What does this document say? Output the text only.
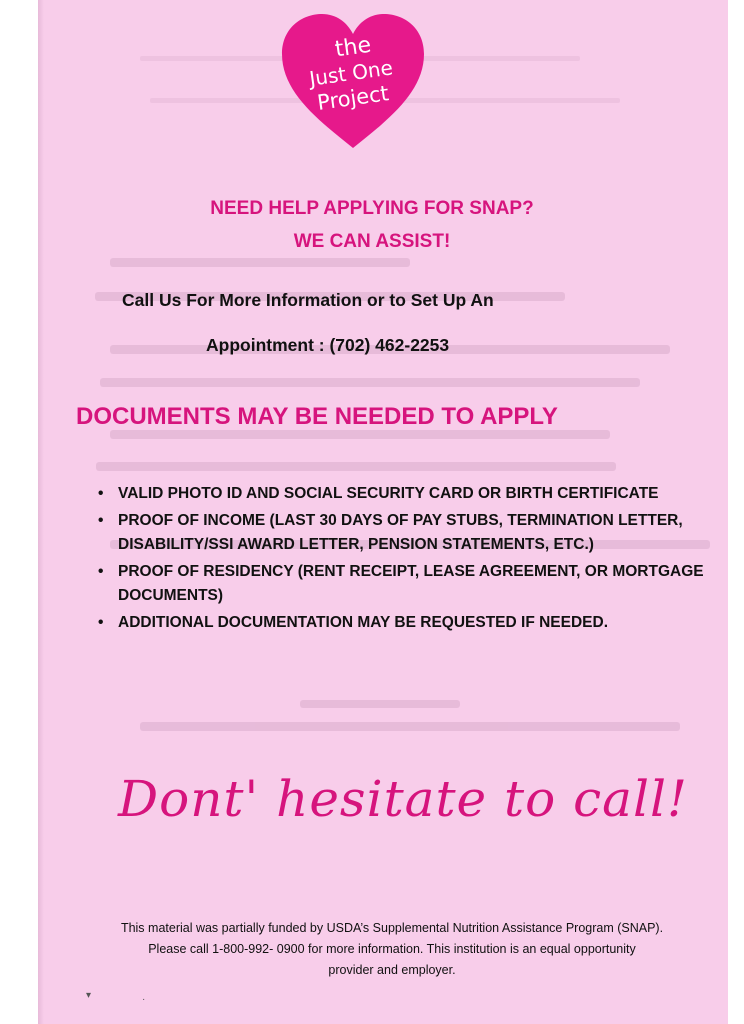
the
Just One
Project
NEED HELP APPLYING FOR SNAP?
WE CAN ASSIST!
Call Us For More Information or to Set Up An
Appointment : (702) 462-2253
DOCUMENTS MAY BE NEEDED TO APPLY
• VALID PHOTO ID AND SOCIAL SECURITY CARD OR BIRTH CERTIFICATE
• PROOF OF INCOME (LAST 30 DAYS OF PAY STUBS, TERMINATION LETTER, DISABILITY/SSI AWARD LETTER, PENSION STATEMENTS, ETC.)
• PROOF OF RESIDENCY (RENT RECEIPT, LEASE AGREEMENT, OR MORTGAGE DOCUMENTS)
• ADDITIONAL DOCUMENTATION MAY BE REQUESTED IF NEEDED.
Dont' hesitate to call!
This material was partially funded by USDA’s Supplemental Nutrition Assistance Program (SNAP).
Please call 1-800-992- 0900 for more information. This institution is an equal opportunity
provider and employer.
▾	·
